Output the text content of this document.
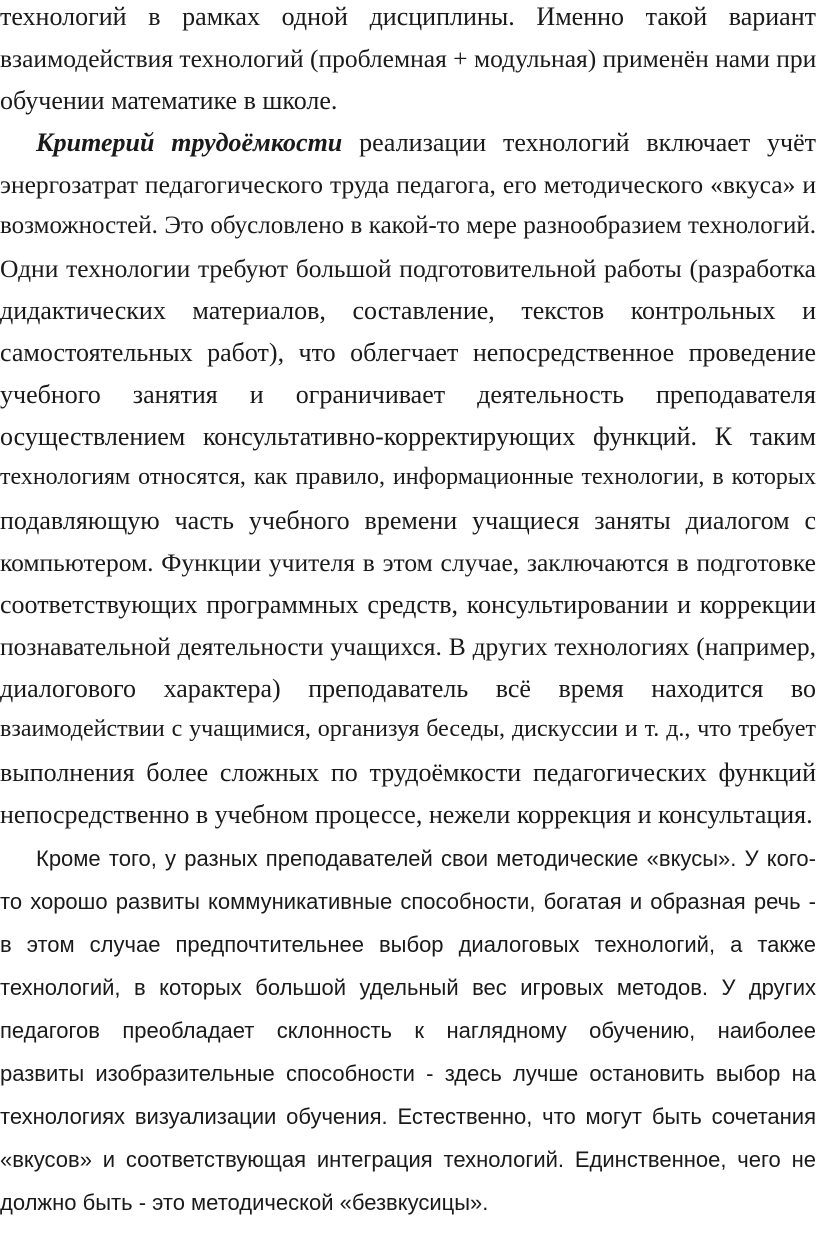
технологий в рамках одной дисциплины. Именно такой вариант

взаимодействия технологий (проблемная + модульная) применён нами при

обучении математике в школе.

Критерий трудоёмкости реализации технологий включает учёт

энергозатрат педагогического труда педагога, его методического «вкуса» и

возможностей. Это обусловлено в какой-то мере разнообразием технологий.

Одни технологии требуют большой подготовительной работы (разработка

дидактических материалов, составление, текстов контрольных и

самостоятельных работ), что облегчает непосредственное проведение

учебного занятия и ограничивает деятельность преподавателя

осуществлением консультативно-корректирующих функций. К таким

технологиям относятся, как правило, информационные технологии, в которых

подавляющую часть учебного времени учащиеся заняты диалогом с

компьютером. Функции учителя в этом случае, заключаются в подготовке

соответствующих программных средств, консультировании и коррекции

познавательной деятельности учащихся. В других технологиях (например,

диалогового характера) преподаватель всё время находится во

взаимодействии с учащимися, организуя беседы, дискуссии и т. д., что требует

выполнения более сложных по трудоёмкости педагогических функций

непосредственно в учебном процессе, нежели коррекция и консультация.

Кроме того, у разных преподавателей свои методические «вкусы». У кого-

то хорошо развиты коммуникативные способности, богатая и образная речь -

в этом случае предпочтительнее выбор диалоговых технологий, а также

технологий, в которых большой удельный вес игровых методов. У других

педагогов преобладает склонность к наглядному обучению, наиболее

развиты изобразительные способности - здесь лучше остановить выбор на

технологиях визуализации обучения. Естественно, что могут быть сочетания

«вкусов» и соответствующая интеграция технологий. Единственное, чего не

должно быть - это методической «безвкусицы».
